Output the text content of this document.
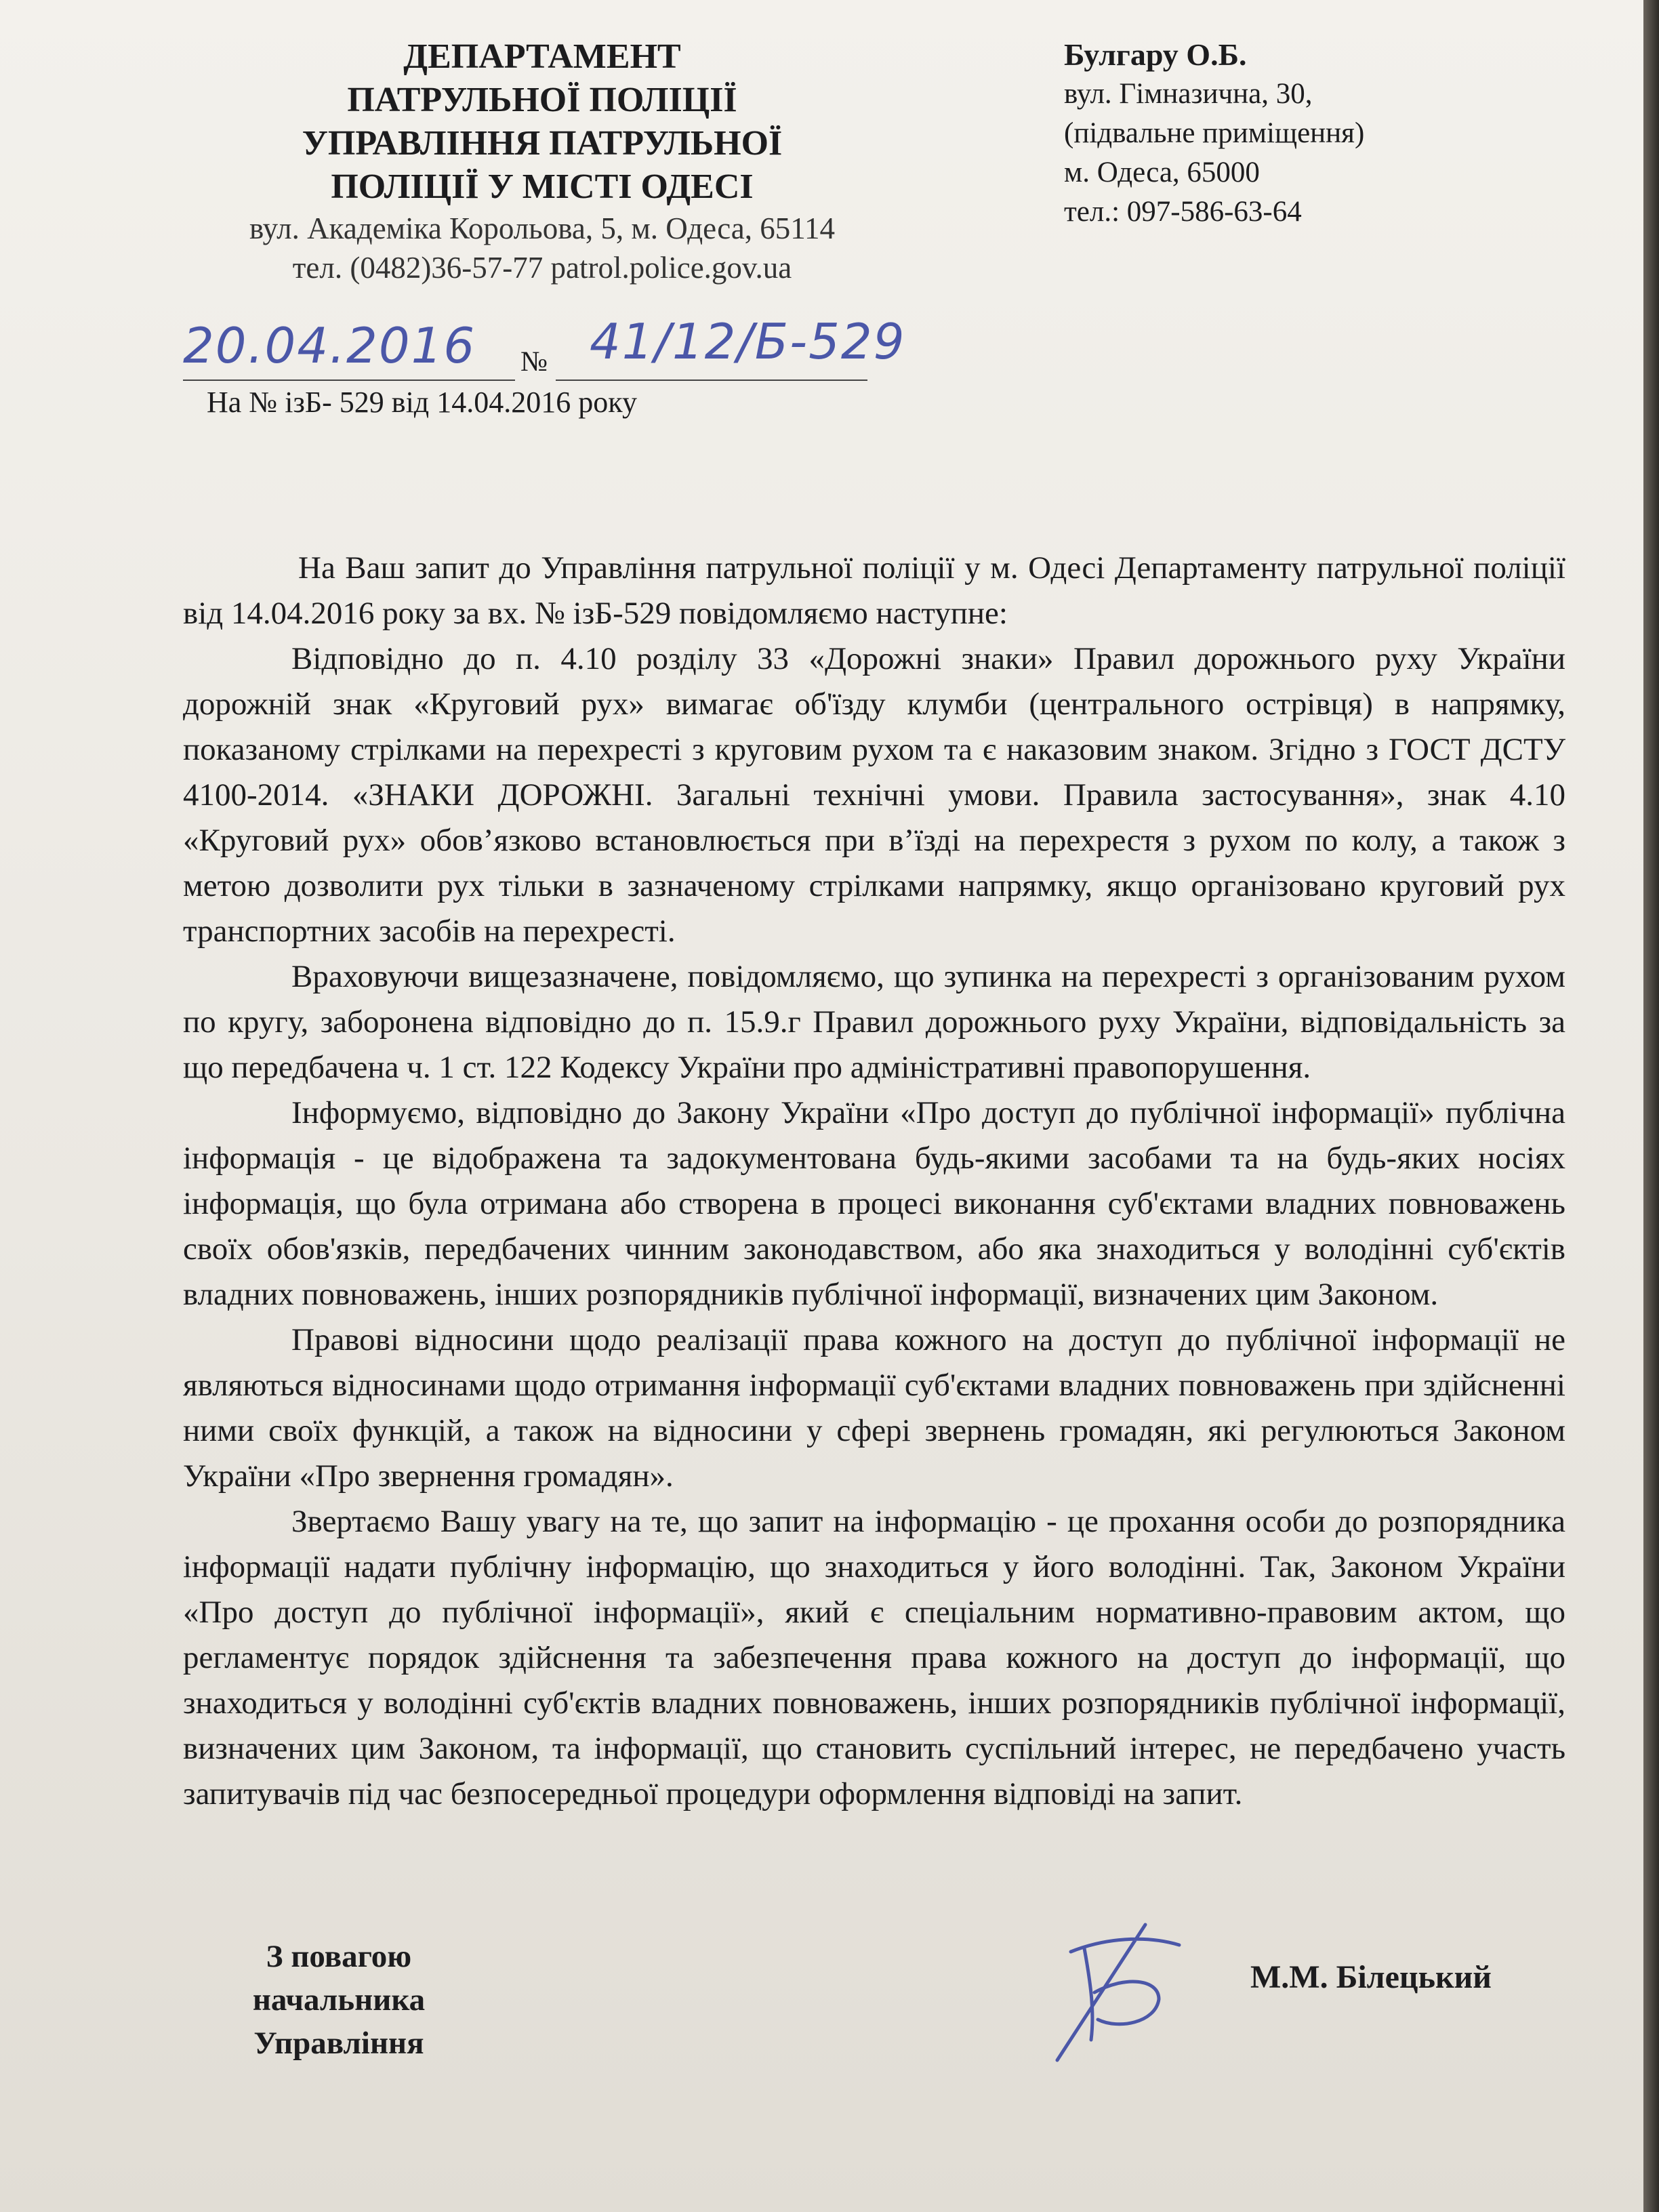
ДЕПАРТАМЕНТ
ПАТРУЛЬНОЇ ПОЛІЦІЇ
УПРАВЛІННЯ ПАТРУЛЬНОЇ
ПОЛІЦІЇ У МІСТІ ОДЕСІ
вул. Академіка Корольова, 5, м. Одеса, 65114
тел. (0482)36-57-77 patrol.police.gov.ua
Булгару О.Б.
вул. Гімназична, 30,
(підвальне приміщення)
м. Одеса, 65000
тел.: 097-586-63-64
20.04.2016 № 41/12/Б-529
На № ізБ- 529 від 14.04.2016 року

На Ваш запит до Управління патрульної поліції у м. Одесі Департаменту патрульної поліції від 14.04.2016 року за вх. № ізБ-529 повідомляємо наступне:

Відповідно до п. 4.10 розділу 33 «Дорожні знаки» Правил дорожнього руху України дорожній знак «Круговий рух» вимагає об'їзду клумби (центрального острівця) в напрямку, показаному стрілками на перехресті з круговим рухом та є наказовим знаком. Згідно з ГОСТ ДСТУ 4100-2014. «ЗНАКИ ДОРОЖНІ. Загальні технічні умови. Правила застосування», знак 4.10 «Круговий рух» обов’язково встановлюється при в’їзді на перехрестя з рухом по колу, а також з метою дозволити рух тільки в зазначеному стрілками напрямку, якщо організовано круговий рух транспортних засобів на перехресті.

Враховуючи вищезазначене, повідомляємо, що зупинка на перехресті з організованим рухом по кругу, заборонена відповідно до п. 15.9.г Правил дорожнього руху України, відповідальність за що передбачена ч. 1 ст. 122 Кодексу України про адміністративні правопорушення.

Інформуємо, відповідно до Закону України «Про доступ до публічної інформації» публічна інформація - це відображена та задокументована будь-якими засобами та на будь-яких носіях інформація, що була отримана або створена в процесі виконання суб'єктами владних повноважень своїх обов'язків, передбачених чинним законодавством, або яка знаходиться у володінні суб'єктів владних повноважень, інших розпорядників публічної інформації, визначених цим Законом.

Правові відносини щодо реалізації права кожного на доступ до публічної інформації не являються відносинами щодо отримання інформації суб'єктами владних повноважень при здійсненні ними своїх функцій, а також на відносини у сфері звернень громадян, які регулюються Законом України «Про звернення громадян».

Звертаємо Вашу увагу на те, що запит на інформацію - це прохання особи до розпорядника інформації надати публічну інформацію, що знаходиться у його володінні. Так, Законом України «Про доступ до публічної інформації», який є спеціальним нормативно-правовим актом, що регламентує порядок здійснення та забезпечення права кожного на доступ до інформації, що знаходиться у володінні суб'єктів владних повноважень, інших розпорядників публічної інформації, визначених цим Законом, та інформації, що становить суспільний інтерес, не передбачено участь запитувачів під час безпосередньої процедури оформлення відповіді на запит.

З повагою
начальника Управління
М.М. Білецький
